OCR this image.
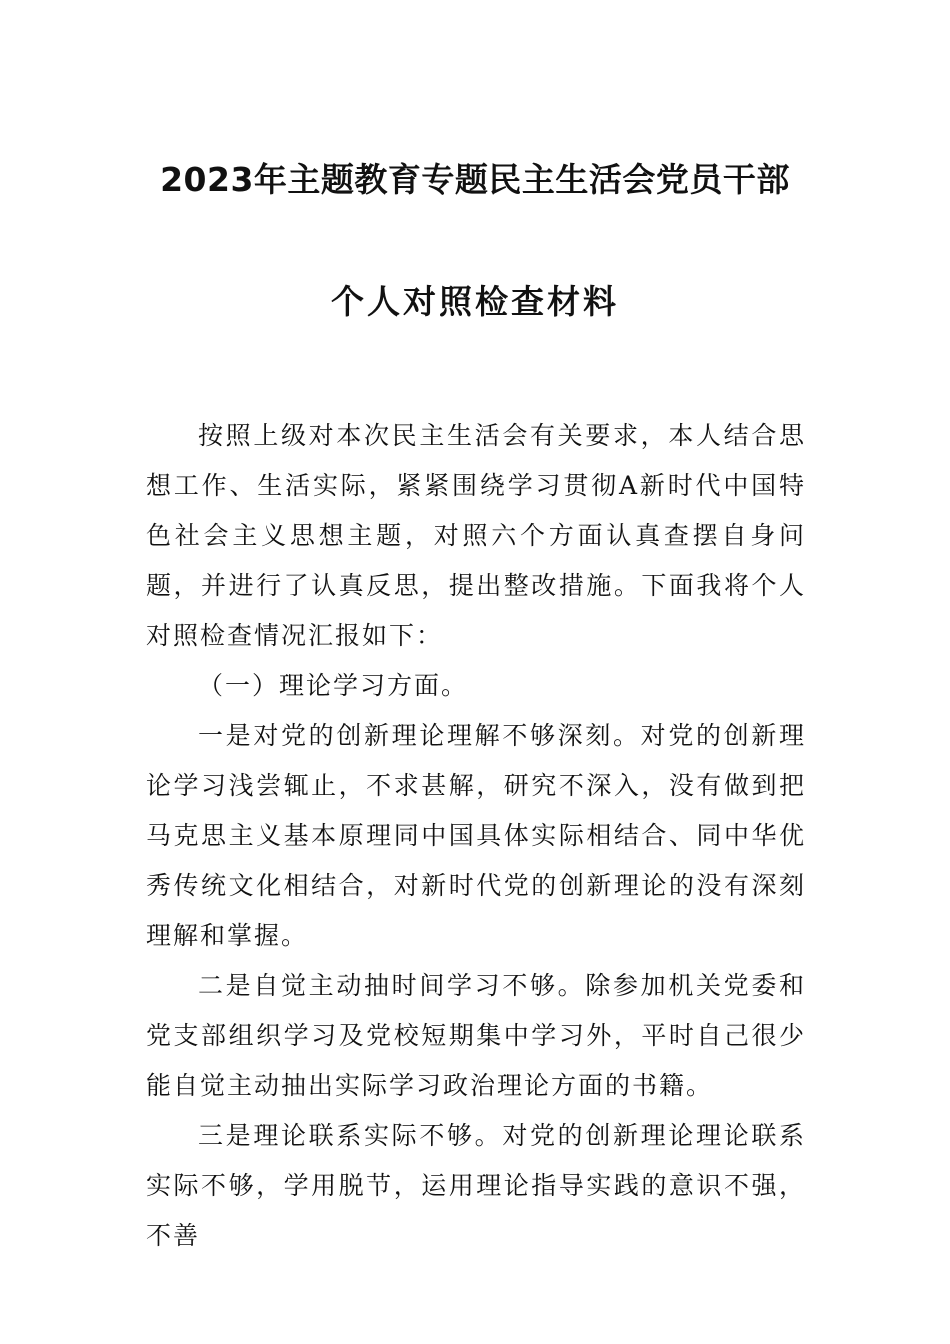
2023年主题教育专题民主生活会党员干部
个人对照检查材料

按照上级对本次民主生活会有关要求，本人结合思想工作、生活实际，紧紧围绕学习贯彻A新时代中国特色社会主义思想主题，对照六个方面认真查摆自身问题，并进行了认真反思，提出整改措施。下面我将个人对照检查情况汇报如下：

（一）理论学习方面。

一是对党的创新理论理解不够深刻。对党的创新理论学习浅尝辄止，不求甚解，研究不深入，没有做到把马克思主义基本原理同中国具体实际相结合、同中华优秀传统文化相结合，对新时代党的创新理论的没有深刻理解和掌握。

二是自觉主动抽时间学习不够。除参加机关党委和党支部组织学习及党校短期集中学习外，平时自己很少能自觉主动抽出实际学习政治理论方面的书籍。

三是理论联系实际不够。对党的创新理论理论联系实际不够，学用脱节，运用理论指导实践的意识不强，不善
